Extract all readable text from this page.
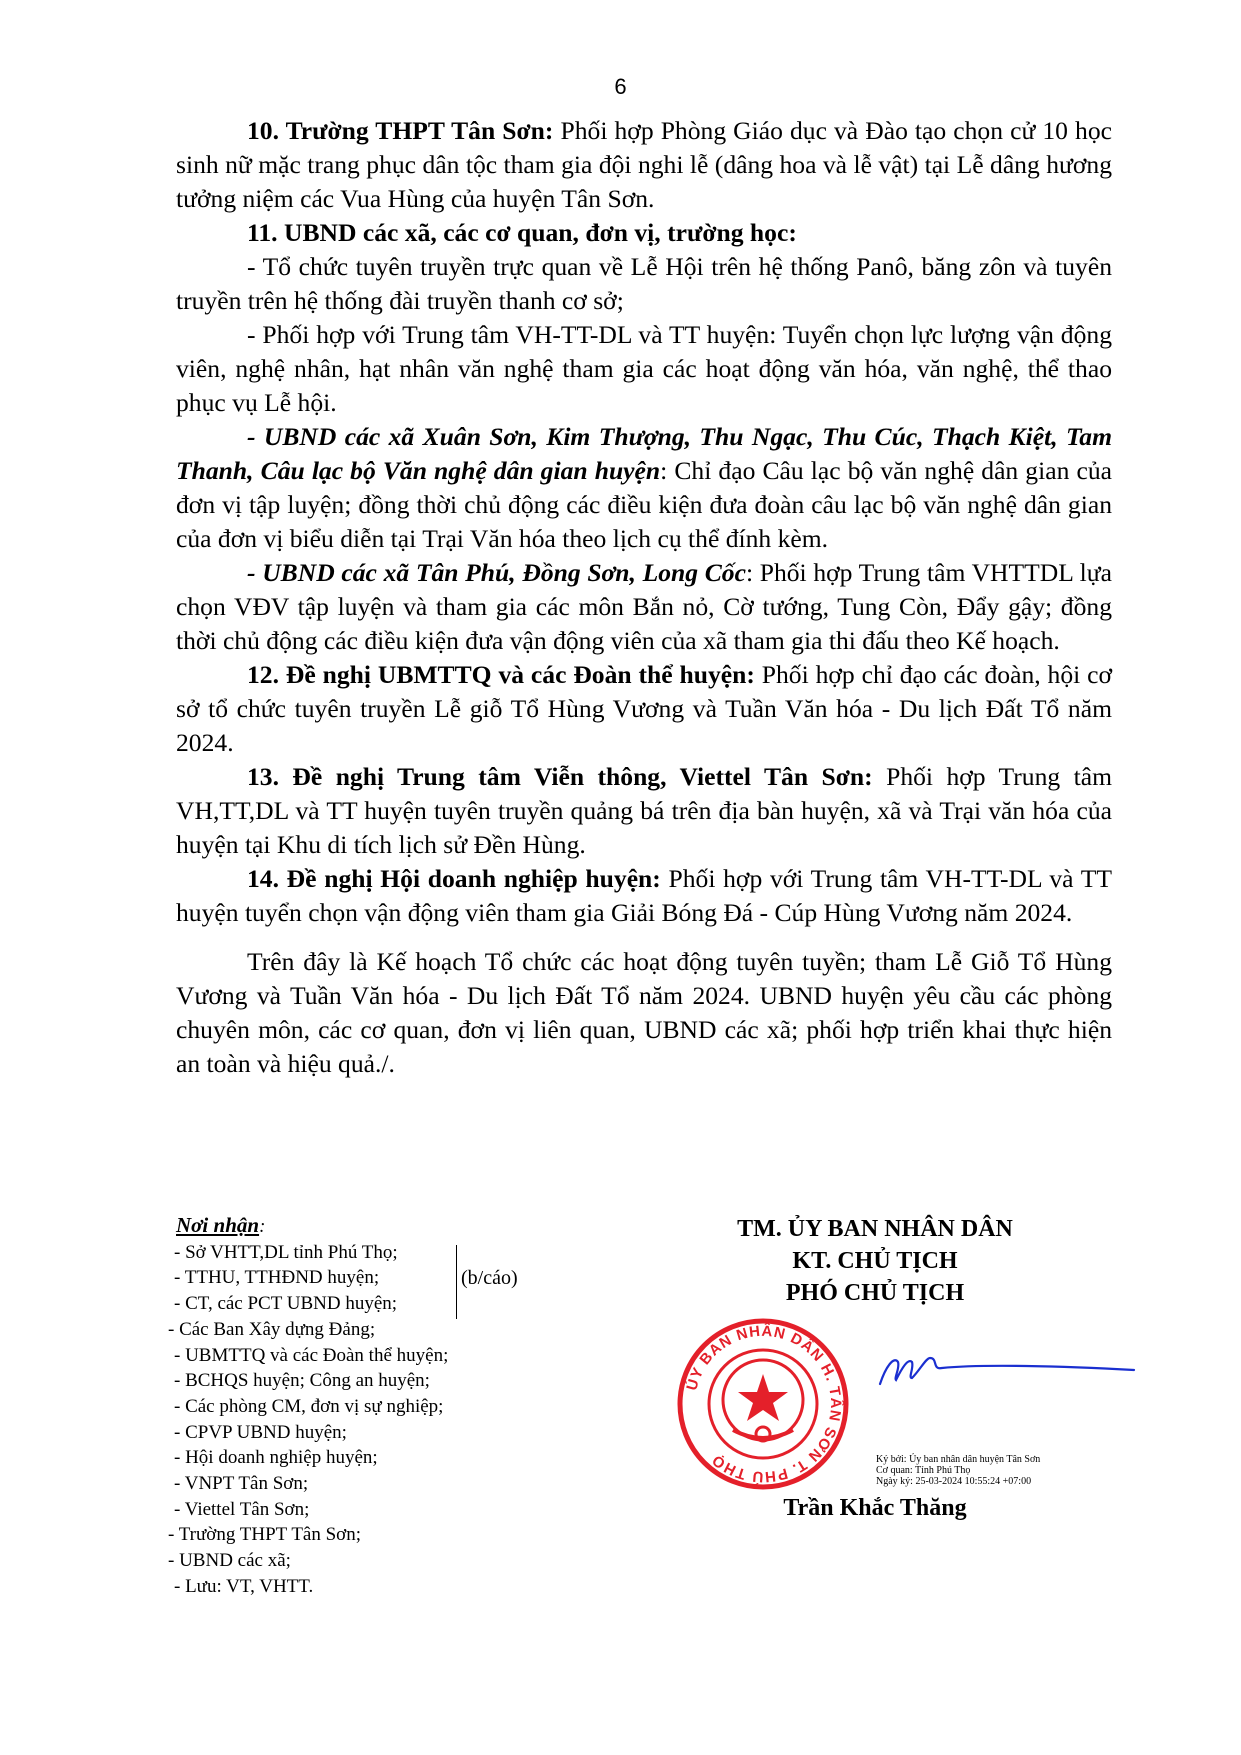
6

10. Trường THPT Tân Sơn: Phối hợp Phòng Giáo dục và Đào tạo chọn cử 10 học sinh nữ mặc trang phục dân tộc tham gia đội nghi lễ (dâng hoa và lễ vật) tại Lễ dâng hương tưởng niệm các Vua Hùng của huyện Tân Sơn.

11. UBND các xã, các cơ quan, đơn vị, trường học:

- Tổ chức tuyên truyền trực quan về Lễ Hội trên hệ thống Panô, băng zôn và tuyên truyền trên hệ thống đài truyền thanh cơ sở;

- Phối hợp với Trung tâm VH-TT-DL và TT huyện: Tuyển chọn lực lượng vận động viên, nghệ nhân, hạt nhân văn nghệ tham gia các hoạt động văn hóa, văn nghệ, thể thao phục vụ Lễ hội.

- UBND các xã Xuân Sơn, Kim Thượng, Thu Ngạc, Thu Cúc, Thạch Kiệt, Tam Thanh, Câu lạc bộ Văn nghệ dân gian huyện: Chỉ đạo Câu lạc bộ văn nghệ dân gian của đơn vị tập luyện; đồng thời chủ động các điều kiện đưa đoàn câu lạc bộ văn nghệ dân gian của đơn vị biểu diễn tại Trại Văn hóa theo lịch cụ thể đính kèm.

- UBND các xã Tân Phú, Đồng Sơn, Long Cốc: Phối hợp Trung tâm VHTTDL lựa chọn VĐV tập luyện và tham gia các môn Bắn nỏ, Cờ tướng, Tung Còn, Đẩy gậy; đồng thời chủ động các điều kiện đưa vận động viên của xã tham gia thi đấu theo Kế hoạch.

12. Đề nghị UBMTTQ và các Đoàn thể huyện: Phối hợp chỉ đạo các đoàn, hội cơ sở tổ chức tuyên truyền Lễ giỗ Tổ Hùng Vương và Tuần Văn hóa - Du lịch Đất Tổ năm 2024.

13. Đề nghị Trung tâm Viễn thông, Viettel Tân Sơn: Phối hợp Trung tâm VH,TT,DL và TT huyện tuyên truyền quảng bá trên địa bàn huyện, xã và Trại văn hóa của huyện tại Khu di tích lịch sử Đền Hùng.

14. Đề nghị Hội doanh nghiệp huyện: Phối hợp với Trung tâm VH-TT-DL và TT huyện tuyển chọn vận động viên tham gia Giải Bóng Đá - Cúp Hùng Vương năm 2024.

Trên đây là Kế hoạch Tổ chức các hoạt động tuyên tuyền; tham Lễ Giỗ Tổ Hùng Vương và Tuần Văn hóa - Du lịch Đất Tổ năm 2024. UBND huyện yêu cầu các phòng chuyên môn, các cơ quan, đơn vị liên quan, UBND các xã; phối hợp triển khai thực hiện an toàn và hiệu quả./.

Nơi nhận:
- Sở VHTT,DL tỉnh Phú Thọ;
- TTHU, TTHĐND huyện;
- CT, các PCT UBND huyện;
(b/cáo)
- Các Ban Xây dựng Đảng;
- UBMTTQ và các Đoàn thể huyện;
- BCHQS huyện; Công an huyện;
- Các phòng CM, đơn vị sự nghiệp;
- CPVP UBND huyện;
- Hội doanh nghiệp huyện;
- VNPT Tân Sơn;
- Viettel Tân Sơn;
- Trường THPT Tân Sơn;
- UBND các xã;
- Lưu: VT, VHTT.
TM. ỦY BAN NHÂN DÂN
KT. CHỦ TỊCH
PHÓ CHỦ TỊCH
ỦY BAN NHÂN DÂN H. TÂN SƠN T. PHÚ THỌ	Ký bởi: Ủy ban nhân dân huyện Tân Sơn
Cơ quan: Tỉnh Phú Thọ
Ngày ký: 25-03-2024 10:55:24 +07:00
Trần Khắc Thăng
